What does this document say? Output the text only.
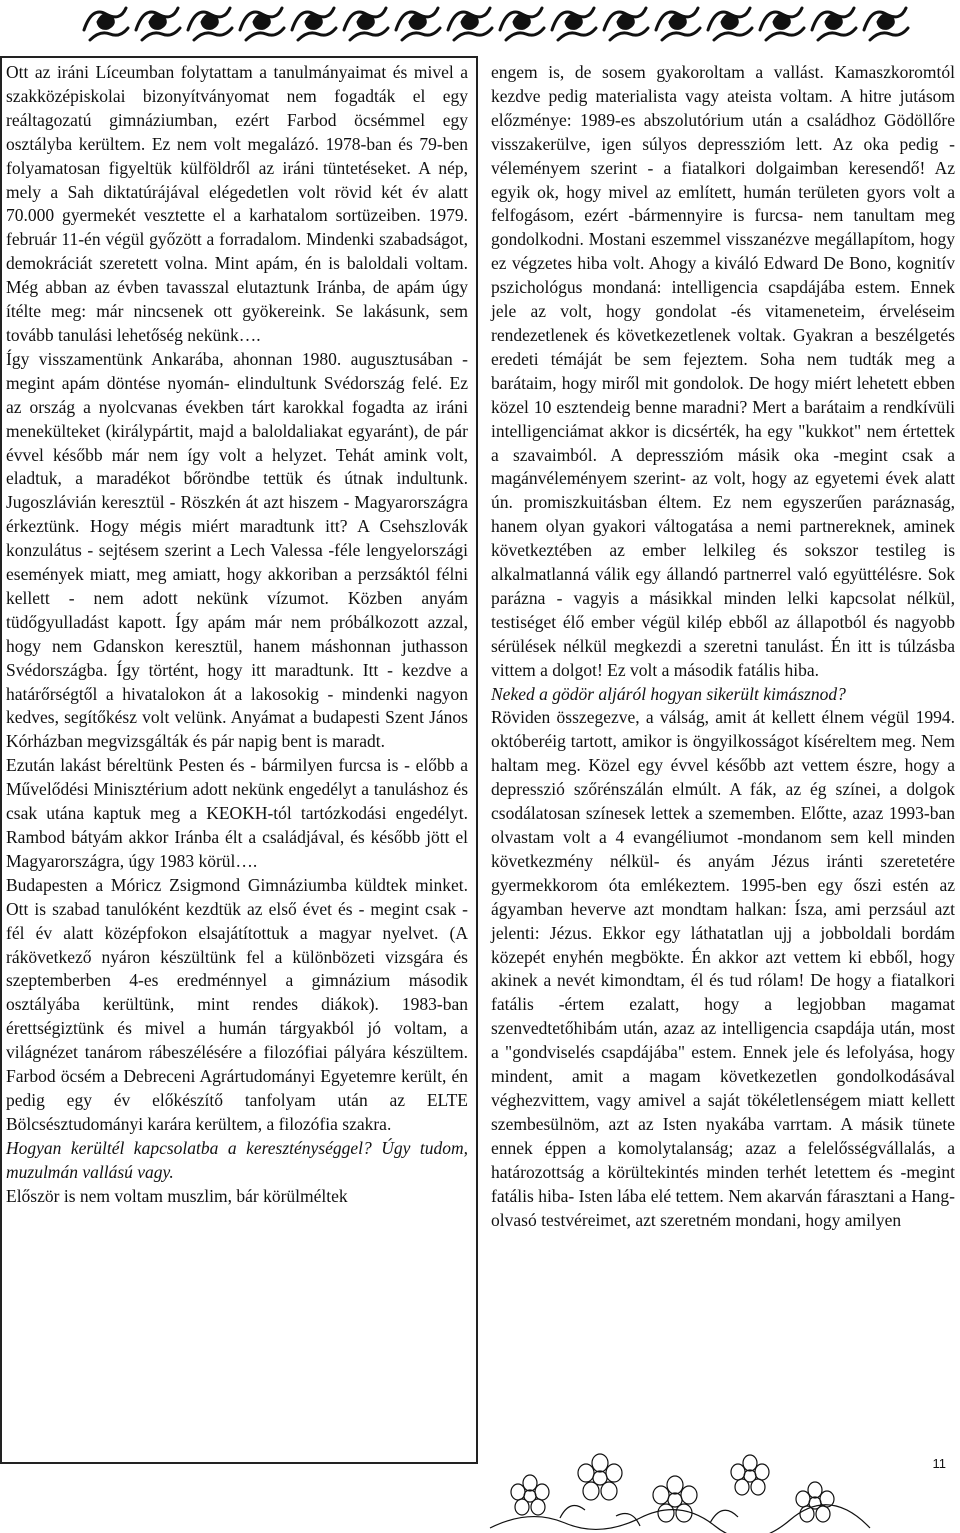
Ott az iráni Líceumban folytattam a tanulmányaimat és mivel a szakközépiskolai bizonyítványomat nem fogadták el egy reáltagozatú gimnáziumban, ezért Farbod öcsémmel egy osztályba kerültem. Ez nem volt megalázó. 1978-ban és 79-ben folyamatosan figyeltük külföldről az iráni tüntetéseket. A nép, mely a Sah diktatúrájával elégedetlen volt rövid két év alatt 70.000 gyermekét vesztette el a karhatalom sortüzeiben. 1979. február 11-én végül győzött a forradalom. Mindenki szabadságot, demokráciát szeretett volna. Mint apám, én is baloldali voltam. Még abban az évben tavasszal elutaztunk Iránba, de apám úgy ítélte meg: már nincsenek ott gyökereink. Se lakásunk, sem tovább tanulási lehetőség nekünk….

Így visszamentünk Ankarába, ahonnan 1980. augusztusában -megint apám döntése nyomán- elindultunk Svédország felé. Ez az ország a nyolcvanas években tárt karokkal fogadta az iráni menekülteket (királypártit, majd a baloldaliakat egyaránt), de pár évvel később már nem így volt a helyzet. Tehát amink volt, eladtuk, a maradékot bőröndbe tettük és útnak indultunk. Jugoszlávián keresztül - Röszkén át azt hiszem - Magyarországra érkeztünk. Hogy mégis miért maradtunk itt? A Csehszlovák konzulátus - sejtésem szerint a Lech Valessa -féle lengyelországi események miatt, meg amiatt, hogy akkoriban a perzsáktól félni kellett - nem adott nekünk vízumot. Közben anyám tüdőgyulladást kapott. Így apám már nem próbálkozott azzal, hogy nem Gdanskon keresztül, hanem máshonnan juthasson Svédországba. Így történt, hogy itt maradtunk. Itt - kezdve a határőrségtől a hivatalokon át a lakosokig - mindenki nagyon kedves, segítőkész volt velünk. Anyámat a budapesti Szent János Kórházban megvizsgálták és pár napig bent is maradt.

Ezután lakást béreltünk Pesten és - bármilyen furcsa is - előbb a Művelődési Minisztérium adott nekünk engedélyt a tanuláshoz és csak utána kaptuk meg a KEOKH-tól tartózkodási engedélyt. Rambod bátyám akkor Iránba élt a családjával, és később jött el Magyarországra, úgy 1983 körül….

Budapesten a Móricz Zsigmond Gimnáziumba küldtek minket. Ott is szabad tanulóként kezdtük az első évet és - megint csak - fél év alatt középfokon elsajátítottuk a magyar nyelvet. (A rákövetkező nyáron készültünk fel a különbözeti vizsgára és szeptemberben 4-es eredménnyel a gimnázium második osztályába kerültünk, mint rendes diákok). 1983-ban érettségiztünk és mivel a humán tárgyakból jó voltam, a világnézet tanárom rábeszélésére a filozófiai pályára készültem. Farbod öcsém a Debreceni Agrártudományi Egyetemre került, én pedig egy év előkészítő tanfolyam után az ELTE Bölcsésztudományi karára kerültem, a filozófia szakra.

Hogyan kerültél kapcsolatba a kereszténységgel? Úgy tudom, muzulmán vallású vagy.

Először is nem voltam muszlim, bár körülméltek

engem is, de sosem gyakoroltam a vallást. Kamaszkoromtól kezdve pedig materialista vagy ateista voltam. A hitre jutásom előzménye: 1989-es abszolutórium után a családhoz Gödöllőre visszakerülve, igen súlyos depresszióm lett. Az oka pedig - véleményem szerint - a fiatalkori dolgaimban keresendő! Az egyik ok, hogy mivel az említett, humán területen gyors volt a felfogásom, ezért -bármennyire is furcsa- nem tanultam meg gondolkodni. Mostani eszemmel visszanézve megállapítom, hogy ez végzetes hiba volt. Ahogy a kiváló Edward De Bono, kognitív pszichológus mondaná: intelligencia csapdájába estem. Ennek jele az volt, hogy gondolat -és vitameneteim, érveléseim rendezetlenek és következetlenek voltak. Gyakran a beszélgetés eredeti témáját be sem fejeztem. Soha nem tudták meg a barátaim, hogy miről mit gondolok. De hogy miért lehetett ebben közel 10 esztendeig benne maradni? Mert a barátaim a rendkívüli intelligenciámat akkor is dicsérték, ha egy "kukkot" nem értettek a szavaimból. A depresszióm másik oka -megint csak a magánvéleményem szerint- az volt, hogy az egyetemi évek alatt ún. promiszkuitásban éltem. Ez nem egyszerűen paráznaság, hanem olyan gyakori váltogatása a nemi partnereknek, aminek következtében az ember lelkileg és sokszor testileg is alkalmatlanná válik egy állandó partnerrel való együttélésre. Sok parázna - vagyis a másikkal minden lelki kapcsolat nélkül, testiséget élő ember végül kilép ebből az állapotból és nagyobb sérülések nélkül megkezdi a szeretni tanulást. Én itt is túlzásba vittem a dolgot! Ez volt a második fatális hiba.

Neked a gödör aljáról hogyan sikerült kimásznod?

Röviden összegezve, a válság, amit át kellett élnem végül 1994. októberéig tartott, amikor is öngyilkosságot kíséreltem meg. Nem haltam meg. Közel egy évvel később azt vettem észre, hogy a depresszió szőrénszálán elmúlt. A fák, az ég színei, a dolgok csodálatosan színesek lettek a szememben. Előtte, azaz 1993-ban olvastam volt a 4 evangéliumot -mondanom sem kell minden következmény nélkül- és anyám Jézus iránti szeretetére gyermekkorom óta emlékeztem. 1995-ben egy őszi estén az ágyamban heverve azt mondtam halkan: Ísza, ami perzsául azt jelenti: Jézus. Ekkor egy láthatatlan ujj a jobboldali bordám közepét enyhén megbökte. Én akkor azt vettem ki ebből, hogy akinek a nevét kimondtam, él és tud rólam! De hogy a fiatalkori fatális -értem ezalatt, hogy a legjobban magamat szenvedtetőhibám után, azaz az intelligencia csapdája után, most a "gondviselés csapdájába" estem. Ennek jele és lefolyása, hogy mindent, amit a magam következetlen gondolkodásával véghezvittem, vagy amivel a saját tökéletlenségem miatt kellett szembesülnöm, azt az Isten nyakába varrtam. A másik tünete ennek éppen a komolytalanság; azaz a felelősségvállalás, a határozottság a körültekintés minden terhét letettem és -megint fatális hiba- Isten lába elé tettem. Nem akarván fárasztani a Hang-olvasó testvéreimet, azt szeretném mondani, hogy amilyen

11
